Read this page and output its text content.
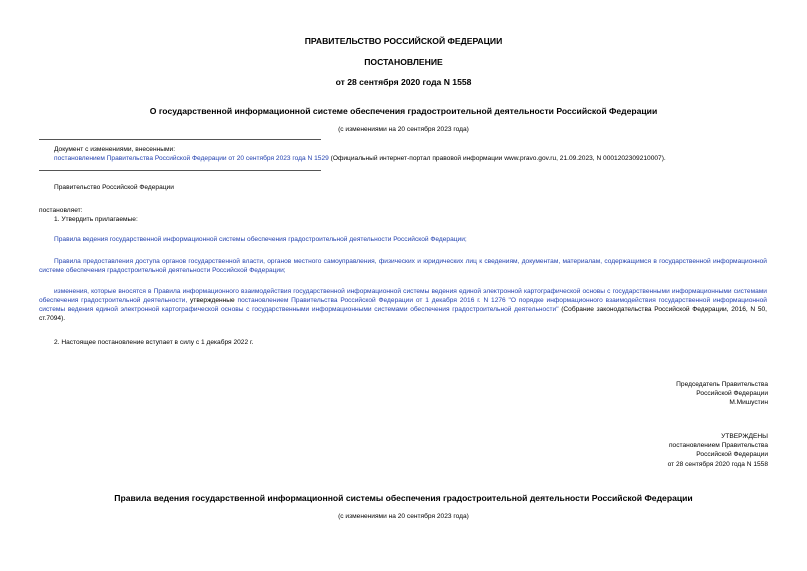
ПРАВИТЕЛЬСТВО РОССИЙСКОЙ ФЕДЕРАЦИИ
ПОСТАНОВЛЕНИЕ
от 28 сентября 2020 года N 1558
О государственной информационной системе обеспечения градостроительной деятельности Российской Федерации
(с изменениями на 20 сентября 2023 года)
Документ с изменениями, внесенными:
постановлением Правительства Российской Федерации от 20 сентября 2023 года N 1529 (Официальный интернет-портал правовой информации www.pravo.gov.ru, 21.09.2023, N 0001202309210007).
Правительство Российской Федерации
постановляет:
1. Утвердить прилагаемые:
Правила ведения государственной информационной системы обеспечения градостроительной деятельности Российской Федерации;
Правила предоставления доступа органов государственной власти, органов местного самоуправления, физических и юридических лиц к сведениям, документам, материалам, содержащимся в государственной информационной системе обеспечения градостроительной деятельности Российской Федерации;
изменения, которые вносятся в Правила информационного взаимодействия государственной информационной системы ведения единой электронной картографической основы с государственными информационными системами обеспечения градостроительной деятельности, утвержденные постановлением Правительства Российской Федерации от 1 декабря 2016 г. N 1276 "О порядке информационного взаимодействия государственной информационной системы ведения единой электронной картографической основы с государственными информационными системами обеспечения градостроительной деятельности" (Собрание законодательства Российской Федерации, 2016, N 50, ст.7094).
2. Настоящее постановление вступает в силу с 1 декабря 2022 г.
Председатель Правительства
Российской Федерации
М.Мишустин
УТВЕРЖДЕНЫ
постановлением Правительства
Российской Федерации
от 28 сентября 2020 года N 1558
Правила ведения государственной информационной системы обеспечения градостроительной деятельности Российской Федерации
(с изменениями на 20 сентября 2023 года)
